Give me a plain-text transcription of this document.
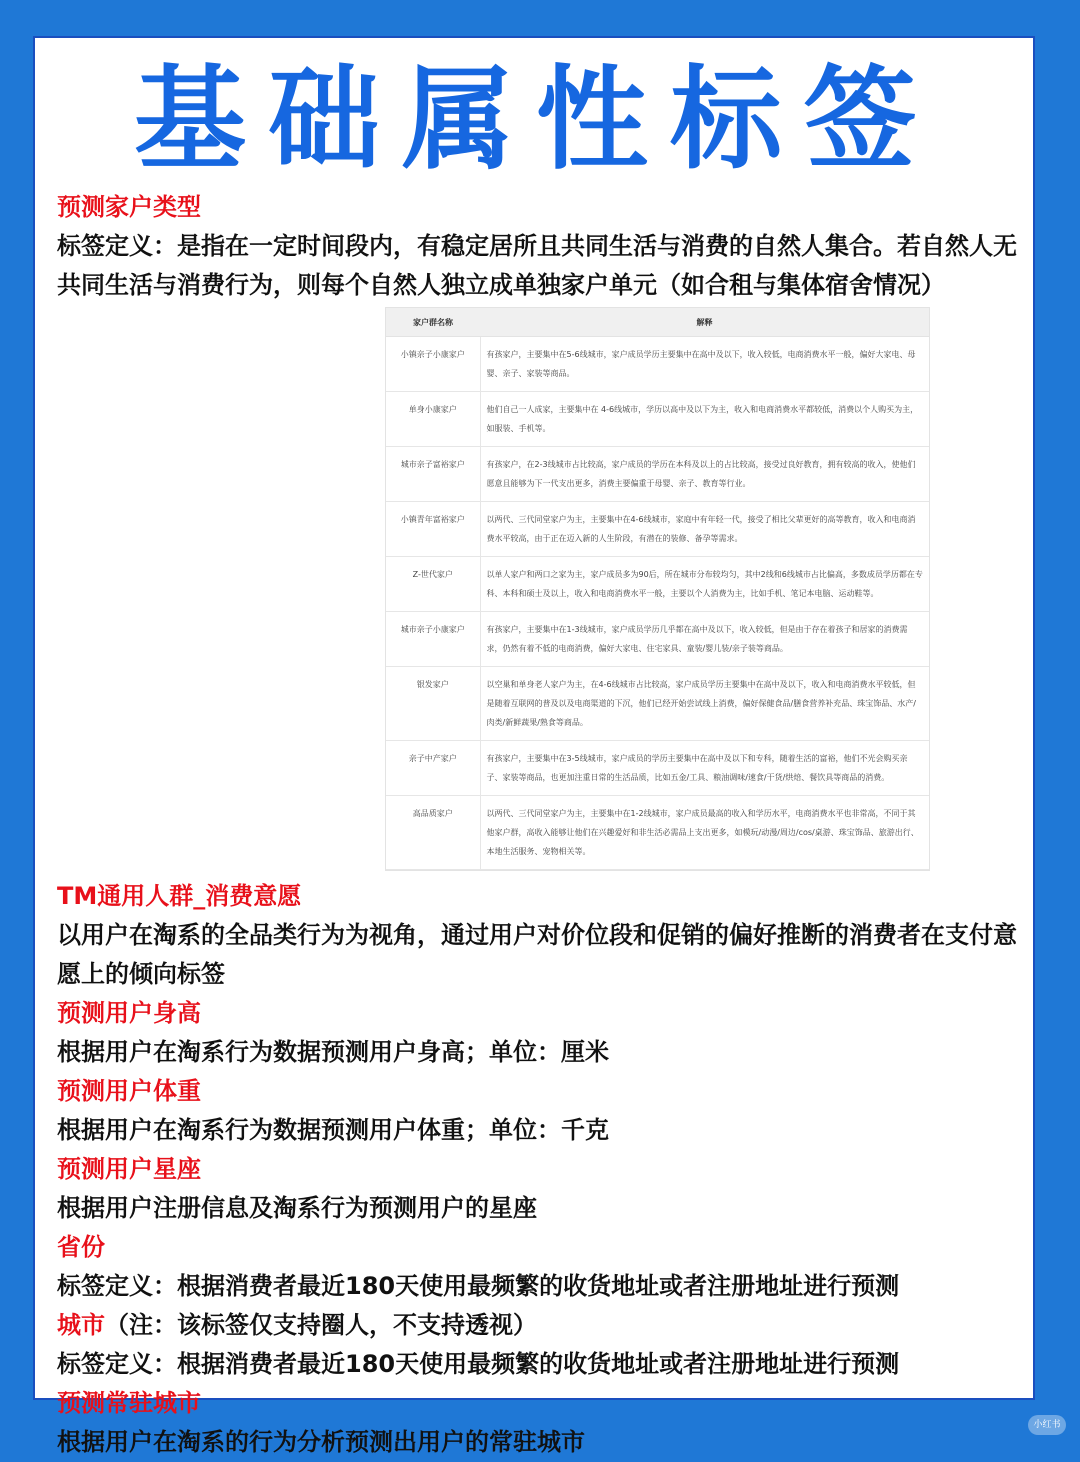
基础属性标签
预测家户类型
标签定义：是指在一定时间段内，有稳定居所且共同生活与消费的自然人集合。若自然人无共同生活与消费行为，则每个自然人独立成单独家户单元（如合租与集体宿舍情况）
家户群名称	解释
小镇亲子小康家户	有孩家户，主要集中在5-6线城市，家户成员学历主要集中在高中及以下，收入较低，电商消费水平一般，偏好大家电、母婴、亲子、家装等商品。
单身小康家户	他们自己一人成家，主要集中在 4-6线城市，学历以高中及以下为主，收入和电商消费水平都较低，消费以个人购买为主，如服装、手机等。
城市亲子富裕家户	有孩家户，在2-3线城市占比较高，家户成员的学历在本科及以上的占比较高，接受过良好教育，拥有较高的收入，使他们愿意且能够为下一代支出更多，消费主要偏重于母婴、亲子、教育等行业。
小镇青年富裕家户	以两代、三代同堂家户为主，主要集中在4-6线城市，家庭中有年轻一代，接受了相比父辈更好的高等教育，收入和电商消费水平较高，由于正在迈入新的人生阶段，有潜在的装修、备孕等需求。
Z-世代家户	以单人家户和两口之家为主，家户成员多为90后，所在城市分布较均匀，其中2线和6线城市占比偏高，多数成员学历都在专科、本科和硕士及以上，收入和电商消费水平一般，主要以个人消费为主，比如手机、笔记本电脑、运动鞋等。
城市亲子小康家户	有孩家户，主要集中在1-3线城市，家户成员学历几乎都在高中及以下，收入较低，但是由于存在着孩子和居家的消费需求，仍然有着不低的电商消费，偏好大家电、住宅家具、童装/婴儿装/亲子装等商品。
银发家户	以空巢和单身老人家户为主，在4-6线城市占比较高，家户成员学历主要集中在高中及以下，收入和电商消费水平较低，但是随着互联网的普及以及电商渠道的下沉，他们已经开始尝试线上消费，偏好保健食品/膳食营养补充品、珠宝饰品、水产/肉类/新鲜蔬果/熟食等商品。
亲子中产家户	有孩家户，主要集中在3-5线城市，家户成员的学历主要集中在高中及以下和专科，随着生活的富裕，他们不光会购买亲子、家装等商品，也更加注重日常的生活品质，比如五金/工具、粮油调味/速食/干货/烘焙、餐饮具等商品的消费。
高品质家户	以两代、三代同堂家户为主，主要集中在1-2线城市，家户成员最高的收入和学历水平，电商消费水平也非常高，不同于其他家户群，高收入能够让他们在兴趣爱好和非生活必需品上支出更多，如模玩/动漫/周边/cos/桌游、珠宝饰品、旅游出行、本地生活服务、宠物相关等。
TM通用人群_消费意愿
以用户在淘系的全品类行为为视角，通过用户对价位段和促销的偏好推断的消费者在支付意愿上的倾向标签
预测用户身高
根据用户在淘系行为数据预测用户身高；单位：厘米
预测用户体重
根据用户在淘系行为数据预测用户体重；单位：千克
预测用户星座
根据用户注册信息及淘系行为预测用户的星座
省份
标签定义：根据消费者最近180天使用最频繁的收货地址或者注册地址进行预测
城市（注：该标签仅支持圈人，不支持透视）
标签定义：根据消费者最近180天使用最频繁的收货地址或者注册地址进行预测
预测常驻城市
根据用户在淘系的行为分析预测出用户的常驻城市	小红书
